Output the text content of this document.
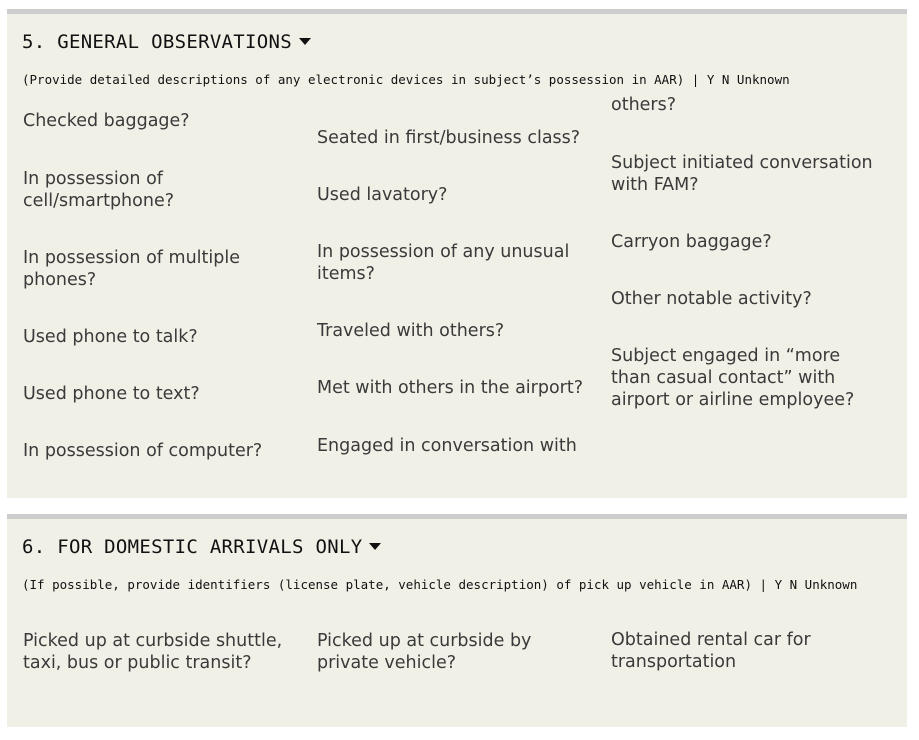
5. GENERAL OBSERVATIONS
(Provide detailed descriptions of any electronic devices in subject’s possession in AAR) | Y N Unknown
Checked baggage?
In possession of cell/smartphone?
In possession of multiple phones?
Used phone to talk?
Used phone to text?
In possession of computer?
Seated in first/business class?
Used lavatory?
In possession of any unusual items?
Traveled with others?
Met with others in the airport?
Engaged in conversation with
others?
Subject initiated conversation with FAM?
Carryon baggage?
Other notable activity?
Subject engaged in “more than casual contact” with airport or airline employee?
6. FOR DOMESTIC ARRIVALS ONLY
(If possible, provide identifiers (license plate, vehicle description) of pick up vehicle in AAR) | Y N Unknown
Picked up at curbside shuttle, taxi, bus or public transit?
Picked up at curbside by private vehicle?
Obtained rental car for transportation
